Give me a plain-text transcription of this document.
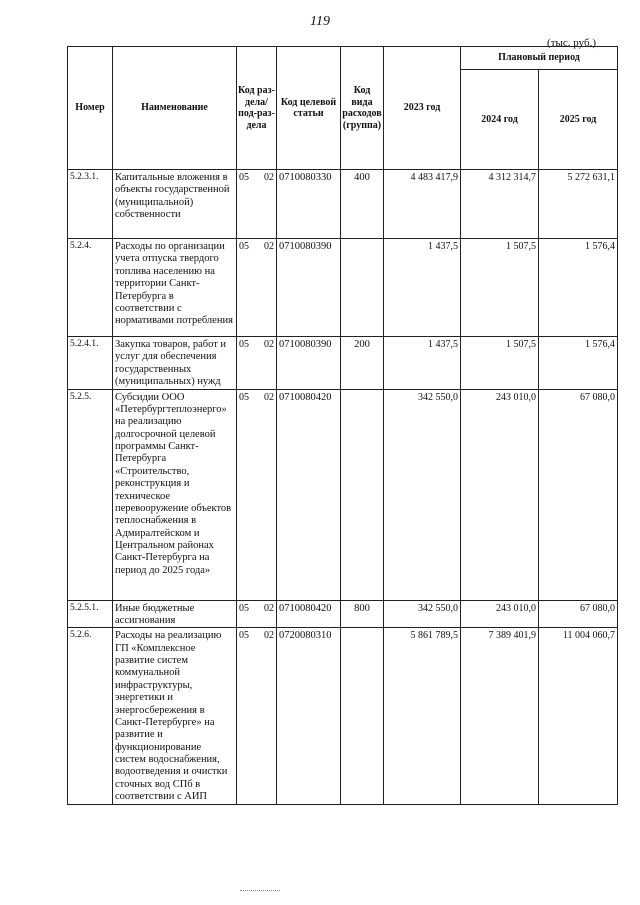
119
(тыс. руб.)
Номер	Наименование	Код раз-дела/ под-раз-дела	Код целевой статьи	Код вида расходов (группа)	2023 год	Плановый период	
						2024 год	2025 год
5.2.3.1.	Капитальные вложения в объекты государственной (муниципальной) собственности	05 02	0710080330	400	4 483 417,9	4 312 314,7	5 272 631,1
5.2.4.	Расходы по организации учета отпуска твердого топлива населению на территории Санкт-Петербурга в соответствии с нормативами потребления	05 02	0710080390		1 437,5	1 507,5	1 576,4
5.2.4.1.	Закупка товаров, работ и услуг для обеспечения государственных (муниципальных) нужд	05 02	0710080390	200	1 437,5	1 507,5	1 576,4
5.2.5.	Субсидии ООО «Петербургтеплоэнерго» на реализацию долгосрочной целевой программы Санкт-Петербурга «Строительство, реконструкция и техническое перевооружение объектов теплоснабжения в Адмиралтейском и Центральном районах Санкт-Петербурга на период до 2025 года»	05 02	0710080420		342 550,0	243 010,0	67 080,0
5.2.5.1.	Иные бюджетные ассигнования	05 02	0710080420	800	342 550,0	243 010,0	67 080,0
5.2.6.	Расходы на реализацию ГП «Комплексное развитие систем коммунальной инфраструктуры, энергетики и энергосбережения в Санкт-Петербурге» на развитие и функционирование систем водоснабжения, водоотведения и очистки сточных вод СПб в соответствии с АИП	05 02	0720080310		5 861 789,5	7 389 401,9	11 004 060,7
